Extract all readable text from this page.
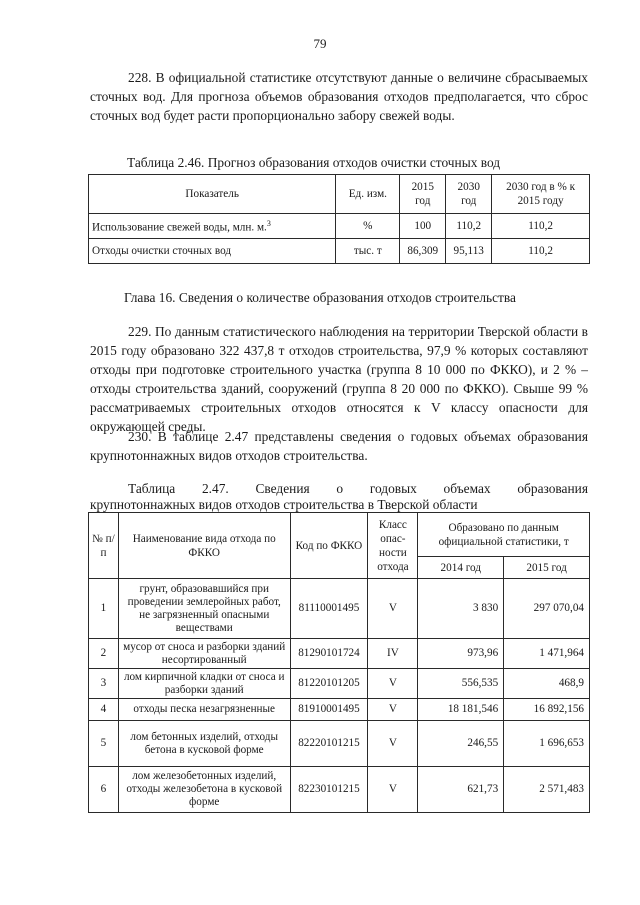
79

228. В официальной статистике отсутствуют данные о величине сбрасываемых сточных вод. Для прогноза объемов образования отходов предполагается, что сброс сточных вод будет расти пропорционально забору свежей воды.

Таблица 2.46. Прогноз образования отходов очистки сточных вод

Показатель	Ед. изм.	2015 год	2030 год	2030 год в % к 2015 году
Использование свежей воды, млн. м.$^3$	%	100	110,2	110,2
Отходы очистки сточных вод	тыс. т	86,309	95,113	110,2
Глава 16. Сведения о количестве образования отходов строительства

229. По данным статистического наблюдения на территории Тверской области в 2015 году образовано 322 437,8 т отходов строительства, 97,9 % которых составляют отходы при подготовке строительного участка (группа 8 10 000 по ФККО), и 2 % – отходы строительства зданий, сооружений (группа 8 20 000 по ФККО). Свыше 99 % рассматриваемых строительных отходов относятся к V классу опасности для окружающей среды.

230. В таблице 2.47 представлены сведения о годовых объемах образования крупнотоннажных видов отходов строительства.

Таблица 2.47. Сведения о годовых объемах образования

крупнотоннажных видов отходов строительства в Тверской области

№ п/п	Наименование вида отхода по ФККО	Код по ФККО	Класс опас-ности отхода	Образовано по данным официальной статистики, т	
				2014 год	2015 год
1	грунт, образовавшийся при проведении землеройных работ, не загрязненный опасными веществами	81110001495	V	3 830	297 070,04
2	мусор от сноса и разборки зданий несортированный	81290101724	IV	973,96	1 471,964
3	лом кирпичной кладки от сноса и разборки зданий	81220101205	V	556,535	468,9
4	отходы песка незагрязненные	81910001495	V	18 181,546	16 892,156
5	лом бетонных изделий, отходы бетона в кусковой форме	82220101215	V	246,55	1 696,653
6	лом железобетонных изделий, отходы железобетона в кусковой форме	82230101215	V	621,73	2 571,483
